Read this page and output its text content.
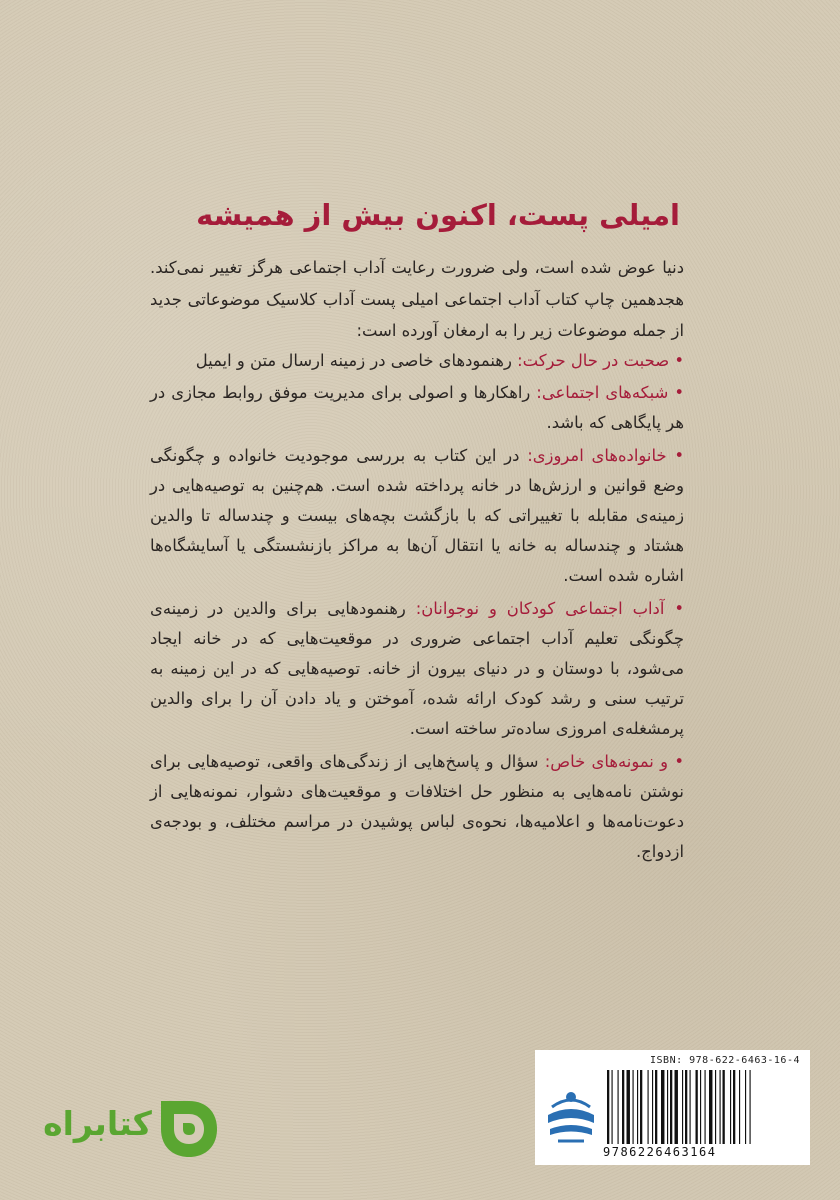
امیلی پست، اکنون بیش از همیشه

دنیا عوض شده است، ولی ضرورت رعایت آداب اجتماعی هرگز تغییر نمی‌کند. هجدهمین چاپ کتاب آداب اجتماعی امیلی پست آداب کلاسیک موضوعاتی جدید از جمله موضوعات زیر را به ارمغان آورده است:

• صحبت در حال حرکت: رهنمودهای خاصی در زمینه ارسال متن و ایمیل

• شبکه‌های اجتماعی: راهکارها و اصولی برای مدیریت موفق روابط مجازی در هر پایگاهی که باشد.

• خانواده‌های امروزی: در این کتاب به بررسی موجودیت خانواده و چگونگی وضع قوانین و ارزش‌ها در خانه پرداخته شده است. هم‌چنین به توصیه‌هایی در زمینه‌ی مقابله با تغییراتی که با بازگشت بچه‌های بیست و چندساله تا والدین هشتاد و چندساله به خانه یا انتقال آن‌ها به مراکز بازنشستگی یا آسایشگاه‌ها اشاره شده است.

• آداب اجتماعی کودکان و نوجوانان: رهنمودهایی برای والدین در زمینه‌ی چگونگی تعلیم آداب اجتماعی ضروری در موقعیت‌هایی که در خانه ایجاد می‌شود، با دوستان و در دنیای بیرون از خانه. توصیه‌هایی که در این زمینه به ترتیب سنی و رشد کودک ارائه شده، آموختن و یاد دادن آن را برای والدین پرمشغله‌ی امروزی ساده‌تر ساخته است.

• و نمونه‌های خاص: سؤال و پاسخ‌هایی از زندگی‌های واقعی، توصیه‌هایی برای نوشتن نامه‌هایی به منظور حل اختلافات و موقعیت‌های دشوار، نمونه‌هایی از دعوت‌نامه‌ها و اعلامیه‌ها، نحوه‌ی لباس پوشیدن در مراسم مختلف، و بودجه‌ی ازدواج.

ISBN: 978-622-6463-16-4
9786226463164
کتابراه
